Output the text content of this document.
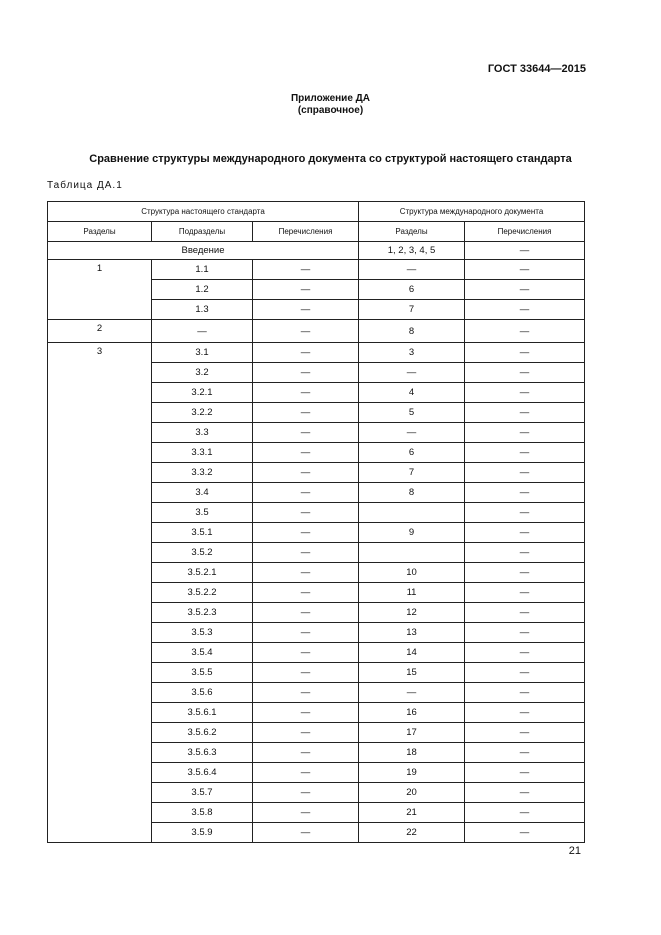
ГОСТ 33644—2015
Приложение ДА
(справочное)
Сравнение структуры международного документа со структурой настоящего стандарта
Таблица ДА.1
Структура настоящего стандарта			Структура международного документа	
Разделы	Подразделы	Перечисления	Разделы	Перечисления
Введение			1, 2, 3, 4, 5	—
1	1.1	—	—	—
	1.2	—	6	—
	1.3	—	7	—
2	—	—	8	—
3	3.1	—	3	—
	3.2	—	—	—
	3.2.1	—	4	—
	3.2.2	—	5	—
	3.3	—	—	—
	3.3.1	—	6	—
	3.3.2	—	7	—
	3.4	—	8	—
	3.5	—		—
	3.5.1	—	9	—
	3.5.2	—		—
	3.5.2.1	—	10	—
	3.5.2.2	—	11	—
	3.5.2.3	—	12	—
	3.5.3	—	13	—
	3.5.4	—	14	—
	3.5.5	—	15	—
	3.5.6	—	—	—
	3.5.6.1	—	16	—
	3.5.6.2	—	17	—
	3.5.6.3	—	18	—
	3.5.6.4	—	19	—
	3.5.7	—	20	—
	3.5.8	—	21	—
	3.5.9	—	22	—
21
